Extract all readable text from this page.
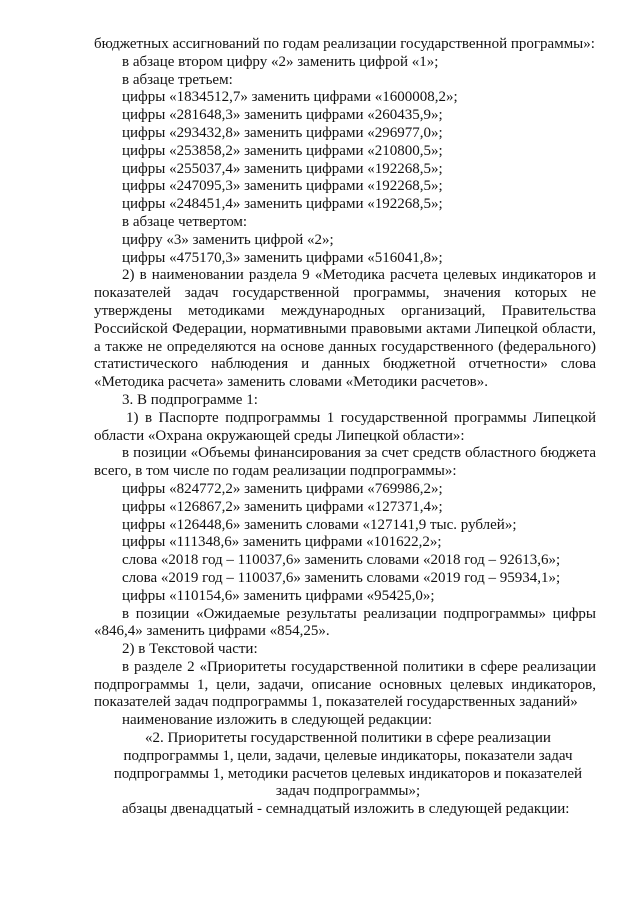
бюджетных ассигнований по годам реализации государственной программы»:

в абзаце втором цифру «2» заменить цифрой «1»;

в абзаце третьем:

цифры «1834512,7» заменить цифрами «1600008,2»;

цифры «281648,3» заменить цифрами «260435,9»;

цифры «293432,8» заменить цифрами «296977,0»;

цифры «253858,2» заменить цифрами «210800,5»;

цифры «255037,4» заменить цифрами «192268,5»;

цифры «247095,3» заменить цифрами «192268,5»;

цифры «248451,4» заменить цифрами «192268,5»;

в абзаце четвертом:

цифру «3» заменить цифрой «2»;

цифры «475170,3» заменить цифрами «516041,8»;

2) в наименовании раздела 9 «Методика расчета целевых индикаторов и показателей задач государственной программы, значения которых не утверждены методиками международных организаций, Правительства Российской Федерации, нормативными правовыми актами Липецкой области, а также не определяются на основе данных государственного (федерального) статистического наблюдения и данных бюджетной отчетности» слова «Методика расчета» заменить словами «Методики расчетов».

3. В подпрограмме 1:

1) в Паспорте подпрограммы 1 государственной программы Липецкой области «Охрана окружающей среды Липецкой области»:

в позиции «Объемы финансирования за счет средств областного бюджета всего, в том числе по годам реализации подпрограммы»:

цифры «824772,2» заменить цифрами «769986,2»;

цифры «126867,2» заменить цифрами «127371,4»;

цифры «126448,6» заменить словами «127141,9 тыс. рублей»;

цифры «111348,6» заменить цифрами «101622,2»;

слова «2018 год – 110037,6» заменить словами «2018 год – 92613,6»;

слова «2019 год – 110037,6» заменить словами «2019 год – 95934,1»;

цифры «110154,6» заменить цифрами «95425,0»;

в позиции «Ожидаемые результаты реализации подпрограммы» цифры «846,4» заменить цифрами «854,25».

2) в Текстовой части:

в разделе 2 «Приоритеты государственной политики в сфере реализации подпрограммы 1, цели, задачи, описание основных целевых индикаторов, показателей задач подпрограммы 1, показателей государственных заданий»

наименование изложить в следующей редакции:

«2. Приоритеты государственной политики в сфере реализации подпрограммы 1, цели, задачи, целевые индикаторы, показатели задач подпрограммы 1, методики расчетов целевых индикаторов и показателей задач подпрограммы»;

абзацы двенадцатый - семнадцатый изложить в следующей редакции:
